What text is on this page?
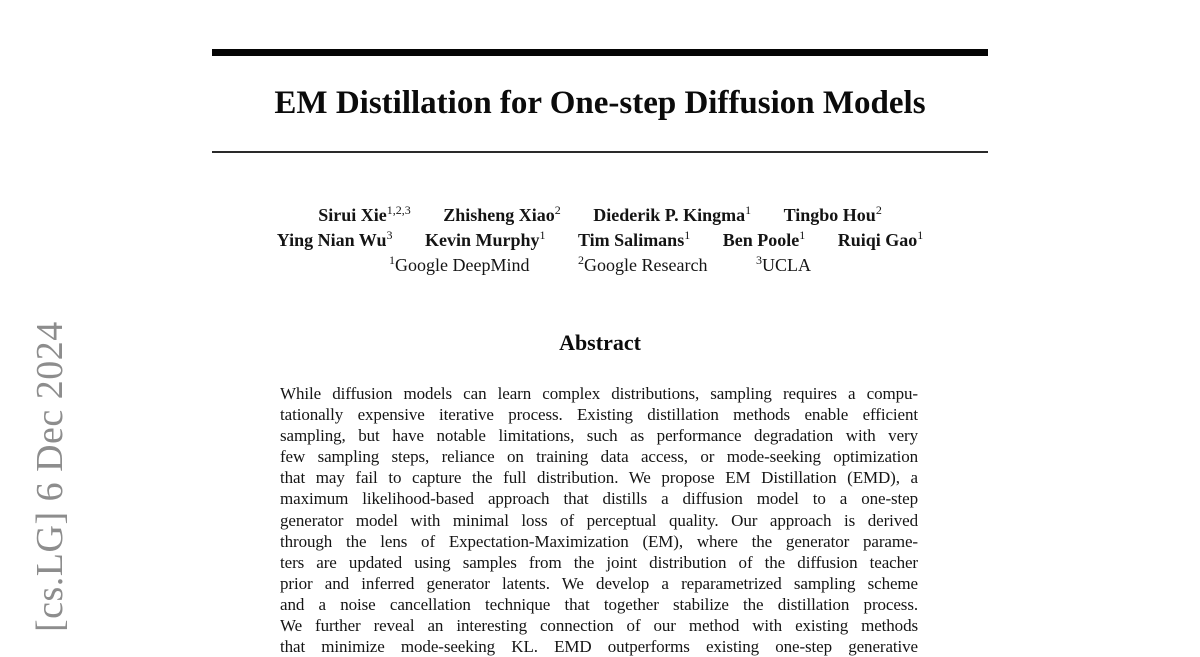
[cs.LG] 6 Dec 2024
EM Distillation for One-step Diffusion Models
Sirui Xie$^{1,2,3}$ Zhisheng Xiao$^2$ Diederik P. Kingma$^1$ Tingbo Hou$^2$
Ying Nian Wu$^3$ Kevin Murphy$^1$ Tim Salimans$^1$ Ben Poole$^1$ Ruiqi Gao$^1$
$^1$Google DeepMind	$^2$Google Research	$^3$UCLA
Abstract
While diffusion models can learn complex distributions, sampling requires a compu-
tationally expensive iterative process. Existing distillation methods enable efficient
sampling, but have notable limitations, such as performance degradation with very
few sampling steps, reliance on training data access, or mode-seeking optimization
that may fail to capture the full distribution. We propose EM Distillation (EMD), a
maximum likelihood-based approach that distills a diffusion model to a one-step
generator model with minimal loss of perceptual quality. Our approach is derived
through the lens of Expectation-Maximization (EM), where the generator parame-
ters are updated using samples from the joint distribution of the diffusion teacher
prior and inferred generator latents. We develop a reparametrized sampling scheme
and a noise cancellation technique that together stabilize the distillation process.
We further reveal an interesting connection of our method with existing methods
that minimize mode-seeking KL. EMD outperforms existing one-step generative
